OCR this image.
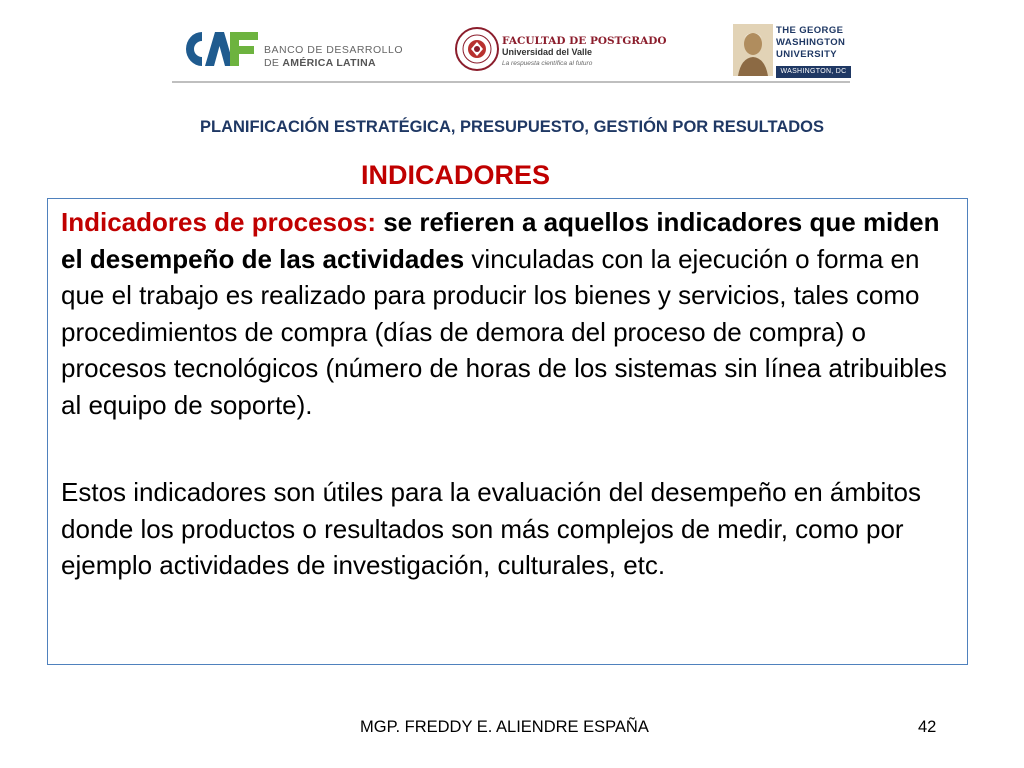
BANCO DE DESARROLLO
DE AMÉRICA LATINA
FACULTAD DE POSTGRADO
Universidad del Valle
La respuesta científica al futuro
THE GEORGE
WASHINGTON
UNIVERSITY
WASHINGTON, DC
PLANIFICACIÓN ESTRATÉGICA, PRESUPUESTO, GESTIÓN POR RESULTADOS
INDICADORES

Indicadores de procesos: se refieren a aquellos indicadores que miden el desempeño de las actividades vinculadas con la ejecución o forma en que el trabajo es realizado para producir los bienes y servicios, tales como procedimientos de compra (días de demora del proceso de compra) o procesos tecnológicos (número de horas de los sistemas sin línea atribuibles al equipo de soporte).

Estos indicadores son útiles para la evaluación del desempeño en ámbitos donde los productos o resultados son más complejos de medir, como por ejemplo actividades de investigación, culturales, etc.

MGP. FREDDY E. ALIENDRE ESPAÑA	42
